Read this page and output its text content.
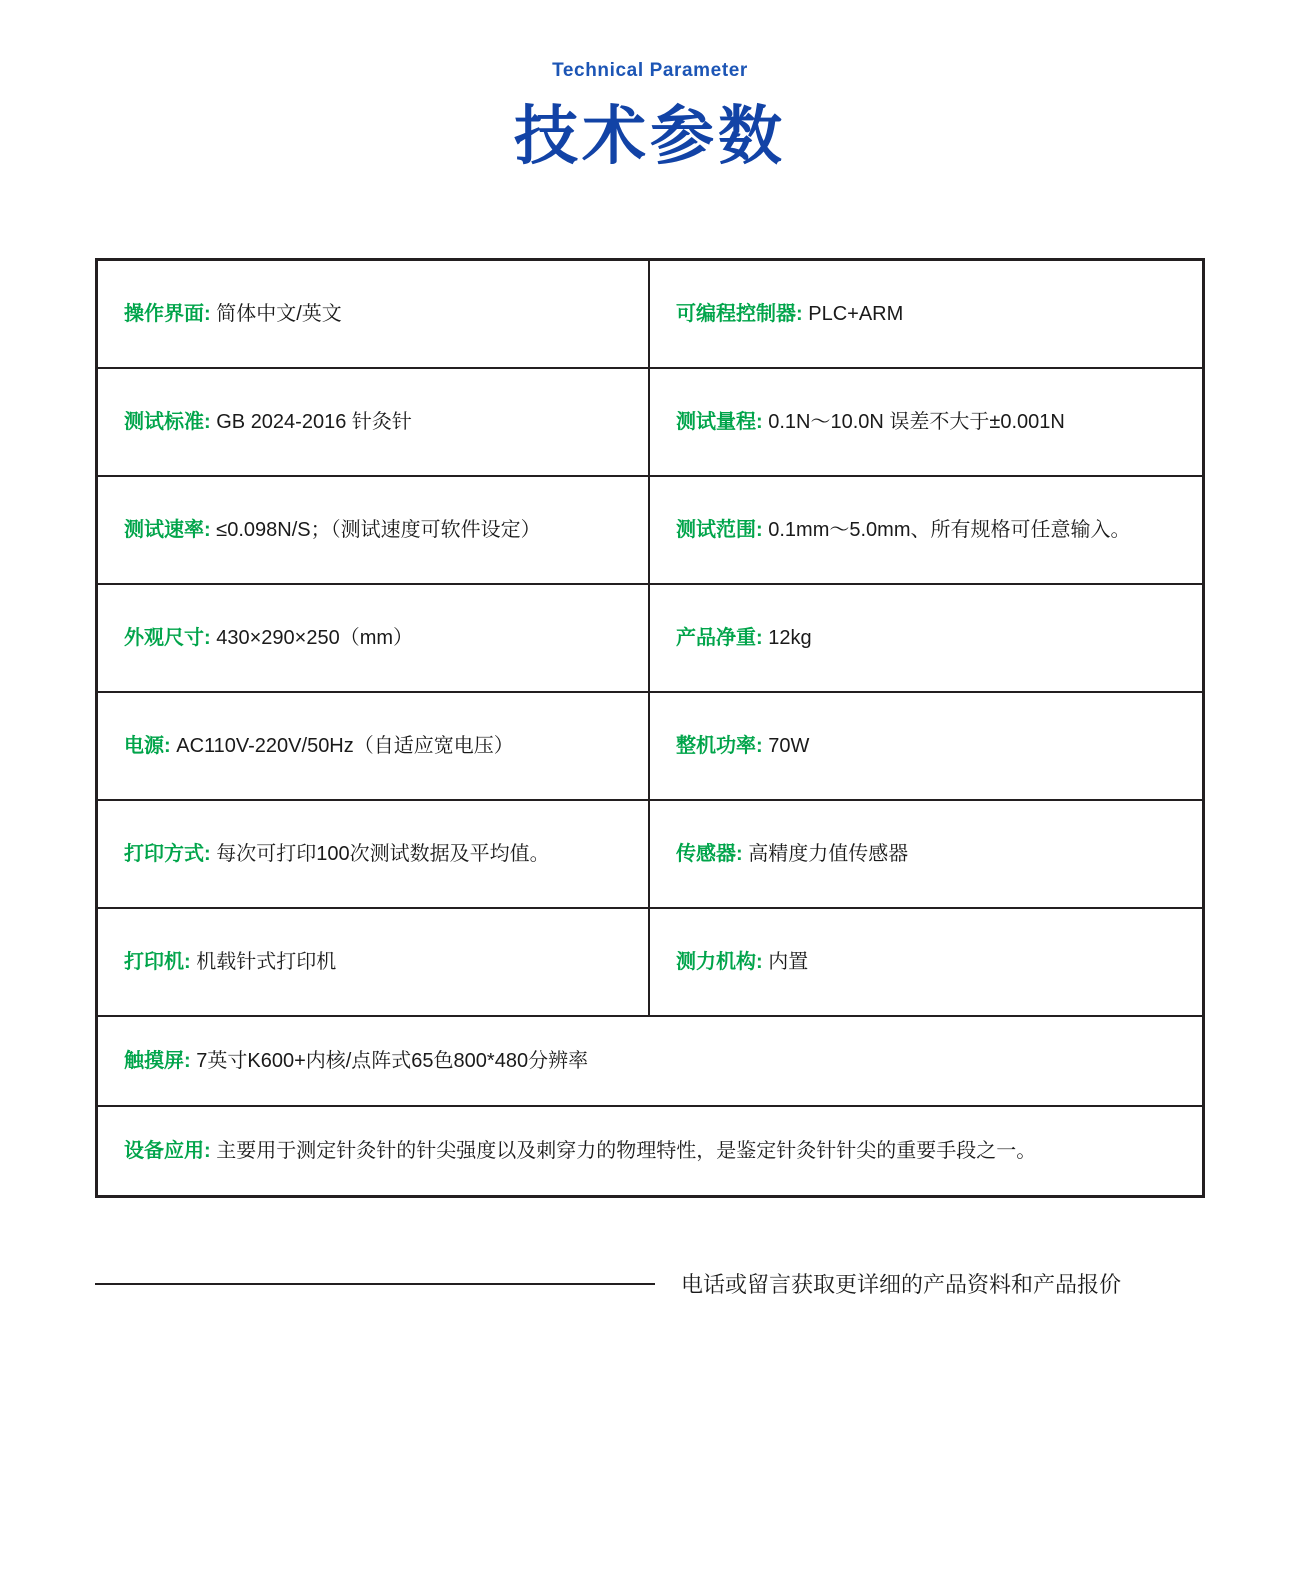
Technical Parameter
技术参数
操作界面: 简体中文/英文	可编程控制器: PLC+ARM
测试标准: GB 2024-2016 针灸针	测试量程: 0.1N～10.0N 误差不大于±0.001N
测试速率: ≤0.098N/S；（测试速度可软件设定）	测试范围: 0.1mm～5.0mm、所有规格可任意输入。
外观尺寸: 430×290×250（mm）	产品净重: 12kg
电源: AC110V-220V/50Hz（自适应宽电压）	整机功率: 70W
打印方式: 每次可打印100次测试数据及平均值。	传感器: 高精度力值传感器
打印机: 机载针式打印机	测力机构: 内置
触摸屏: 7英寸K600+内核/点阵式65色800*480分辨率
设备应用: 主要用于测定针灸针的针尖强度以及刺穿力的物理特性，是鉴定针灸针针尖的重要手段之一。
电话或留言获取更详细的产品资料和产品报价
